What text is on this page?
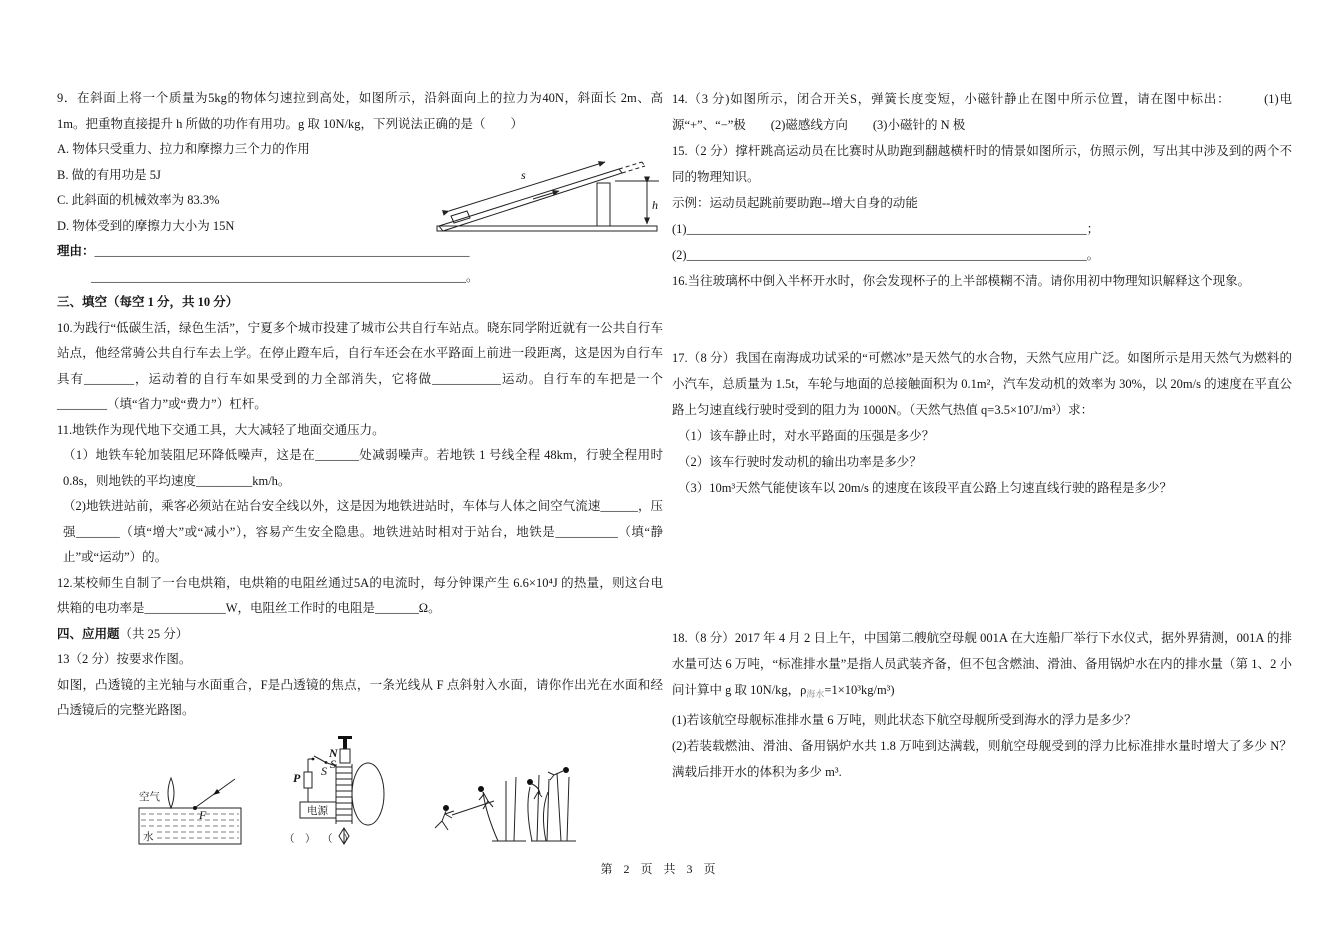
9．在斜面上将一个质量为5kg的物体匀速拉到高处，如图所示，沿斜面向上的拉力为40N，斜面长 2m、高 1m。把重物直接提升 h 所做的功作有用功。g 取 10N/kg，下列说法正确的是（　　）

A. 物体只受重力、拉力和摩擦力三个力的作用

B. 做的有用功是 5J

C. 此斜面的机械效率为 83.3%

D. 物体受到的摩擦力大小为 15N

理由：____________________________________________________________

____________________________________________________________。

s
h

三、填空（每空 1 分，共 10 分）

10.为践行“低碳生活，绿色生活”，宁夏多个城市投建了城市公共自行车站点。晓东同学附近就有一公共自行车站点，他经常骑公共自行车去上学。在停止蹬车后，自行车还会在水平路面上前进一段距离，这是因为自行车具有________，运动着的自行车如果受到的力全部消失，它将做___________运动。自行车的车把是一个________（填“省力”或“费力”）杠杆。

11.地铁作为现代地下交通工具，大大减轻了地面交通压力。

（1）地铁车轮加装阻尼环降低噪声，这是在_______处减弱噪声。若地铁 1 号线全程 48km，行驶全程用时 0.8s，则地铁的平均速度_________km/h。

（2)地铁进站前，乘客必须站在站台安全线以外，这是因为地铁进站时，车体与人体之间空气流速______，压强_______（填“增大”或“减小”），容易产生安全隐患。地铁进站时相对于站台，地铁是__________（填“静止”或“运动”）的。

12.某校师生自制了一台电烘箱，电烘箱的电阻丝通过5A的电流时，每分钟课产生 6.6×10⁴J 的热量，则这台电烘箱的电功率是_____________W，电阻丝工作时的电阻是_______Ω。

四、应用题（共 25 分）

13（2 分）按要求作图。

如图，凸透镜的主光轴与水面重合，F是凸透镜的焦点，一条光线从 F 点斜射入水面，请你作出光在水面和经凸透镜后的完整光路图。

空气
水
F
N
S
S
P
电源
（　） （　）

14.（3 分)如图所示，闭合开关S，弹簧长度变短，小磁针静止在图中所示位置，请在图中标出：　　　(1)电源“+”、“−”极　　(2)磁感线方向　　(3)小磁针的 N 极

15.（2 分）撑杆跳高运动员在比赛时从助跑到翻越横杆时的情景如图所示，仿照示例，写出其中涉及到的两个不同的物理知识。

示例：运动员起跳前要助跑--增大自身的动能

(1)________________________________________________________________；

(2)________________________________________________________________。

16.当往玻璃杯中倒入半杯开水时，你会发现杯子的上半部模糊不清。请你用初中物理知识解释这个现象。

17.（8 分）我国在南海成功试采的“可燃冰”是天然气的水合物，天然气应用广泛。如图所示是用天然气为燃料的小汽车，总质量为 1.5t，车轮与地面的总接触面积为 0.1m²，汽车发动机的效率为 30%，以 20m/s 的速度在平直公路上匀速直线行驶时受到的阻力为 1000N。（天然气热值 q=3.5×10⁷J/m³）求：

（1）该车静止时，对水平路面的压强是多少？

（2）该车行驶时发动机的输出功率是多少？

（3）10m³天然气能使该车以 20m/s 的速度在该段平直公路上匀速直线行驶的路程是多少？

18.（8 分）2017 年 4 月 2 日上午，中国第二艘航空母舰 001A 在大连船厂举行下水仪式，据外界猜测，001A 的排水量可达 6 万吨，“标准排水量”是指人员武装齐备，但不包含燃油、滑油、备用锅炉水在内的排水量（第 1、2 小问计算中 g 取 10N/kg，$\rho_{海水}=1\times 10^3kg/m^3$)

(1)若该航空母舰标准排水量 6 万吨，则此状态下航空母舰所受到海水的浮力是多少？

(2)若装载燃油、滑油、备用锅炉水共 1.8 万吨到达满载，则航空母舰受到的浮力比标准排水量时增大了多少 N？满载后排开水的体积为多少 m³.

第 2 页 共 3 页
